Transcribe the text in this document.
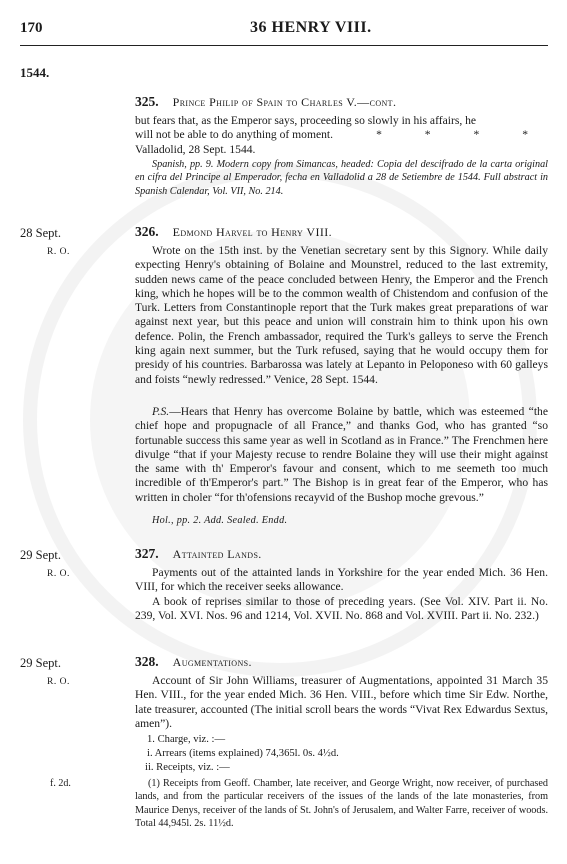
170	36 HENRY VIII.
1544.
325. Prince Philip of Spain to Charles V.—cont.
but fears that, as the Emperor says, proceeding so slowly in his affairs, he
will not be able to do anything of moment.	* * * *
Valladolid, 28 Sept. 1544.
Spanish, pp. 9. Modern copy from Simancas, headed: Copia del descifrado de la carta original en cifra del Principe al Emperador, fecha en Valladolid a 28 de Setiembre de 1544. Full abstract in Spanish Calendar, Vol. VII, No. 214.
28 Sept.
R. O.
326. Edmond Harvel to Henry VIII.
Wrote on the 15th inst. by the Venetian secretary sent by this Signory. While daily expecting Henry's obtaining of Bolaine and Mounstrel, reduced to the last extremity, sudden news came of the peace concluded between Henry, the Emperor and the French king, which he hopes will be to the common wealth of Chistendom and confusion of the Turk. Letters from Constantinople report that the Turk makes great preparations of war against next year, but this peace and union will constrain him to think upon his own defence. Polin, the French ambassador, required the Turk's galleys to serve the French king again next summer, but the Turk refused, saying that he would occupy them for presidy of his countries. Barbarossa was lately at Lepanto in Peloponeso with 60 galleys and foists “newly redressed.” Venice, 28 Sept. 1544.
P.S.—Hears that Henry has overcome Bolaine by battle, which was esteemed “the chief hope and propugnacle of all France,” and thanks God, who has granted “so fortunable success this same year as well in Scotland as in France.” The Frenchmen here divulge “that if your Majesty recuse to rendre Bolaine they will use their might against the same with th' Emperor's favour and consent, which to me seemeth too much incredible of th'Emperor's part.” The Bishop is in great fear of the Emperor, who has written in choler “for th'ofensions recayvid of the Bushop moche grevous.”
Hol., pp. 2. Add. Sealed. Endd.
29 Sept.
R. O.
327. Attainted Lands.
Payments out of the attainted lands in Yorkshire for the year ended Mich. 36 Hen. VIII, for which the receiver seeks allowance.
A book of reprises similar to those of preceding years. (See Vol. XIV. Part ii. No. 239, Vol. XVI. Nos. 96 and 1214, Vol. XVII. No. 868 and Vol. XVIII. Part ii. No. 232.)
29 Sept.
R. O.
328. Augmentations.
Account of Sir John Williams, treasurer of Augmentations, appointed 31 March 35 Hen. VIII., for the year ended Mich. 36 Hen. VIII., before which time Sir Edw. Northe, late treasurer, accounted (The initial scroll bears the words “Vivat Rex Edwardus Sextus, amen”).
1. Charge, viz. :—
i. Arrears (items explained) 74,365l. 0s. 4½d.
ii. Receipts, viz. :—
f. 2d.	(1) Receipts from Geoff. Chamber, late receiver, and George Wright, now receiver, of purchased lands, and from the particular receivers of the issues of the lands of the late monasteries, from Maurice Denys, receiver of the lands of St. John's of Jerusalem, and Walter Farre, receiver of woods. Total 44,945l. 2s. 11½d.
